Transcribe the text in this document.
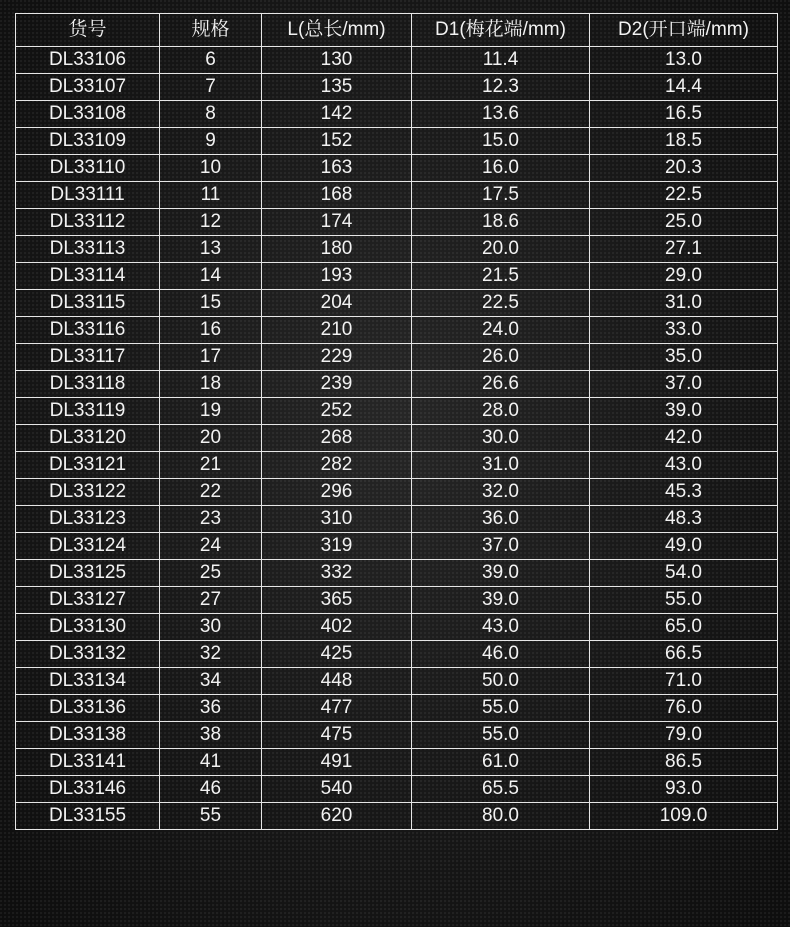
货号	规格	L(总长/mm)	D1(梅花端/mm)	D2(开口端/mm)
DL33106	6	130	11.4	13.0
DL33107	7	135	12.3	14.4
DL33108	8	142	13.6	16.5
DL33109	9	152	15.0	18.5
DL33110	10	163	16.0	20.3
DL33111	11	168	17.5	22.5
DL33112	12	174	18.6	25.0
DL33113	13	180	20.0	27.1
DL33114	14	193	21.5	29.0
DL33115	15	204	22.5	31.0
DL33116	16	210	24.0	33.0
DL33117	17	229	26.0	35.0
DL33118	18	239	26.6	37.0
DL33119	19	252	28.0	39.0
DL33120	20	268	30.0	42.0
DL33121	21	282	31.0	43.0
DL33122	22	296	32.0	45.3
DL33123	23	310	36.0	48.3
DL33124	24	319	37.0	49.0
DL33125	25	332	39.0	54.0
DL33127	27	365	39.0	55.0
DL33130	30	402	43.0	65.0
DL33132	32	425	46.0	66.5
DL33134	34	448	50.0	71.0
DL33136	36	477	55.0	76.0
DL33138	38	475	55.0	79.0
DL33141	41	491	61.0	86.5
DL33146	46	540	65.5	93.0
DL33155	55	620	80.0	109.0
